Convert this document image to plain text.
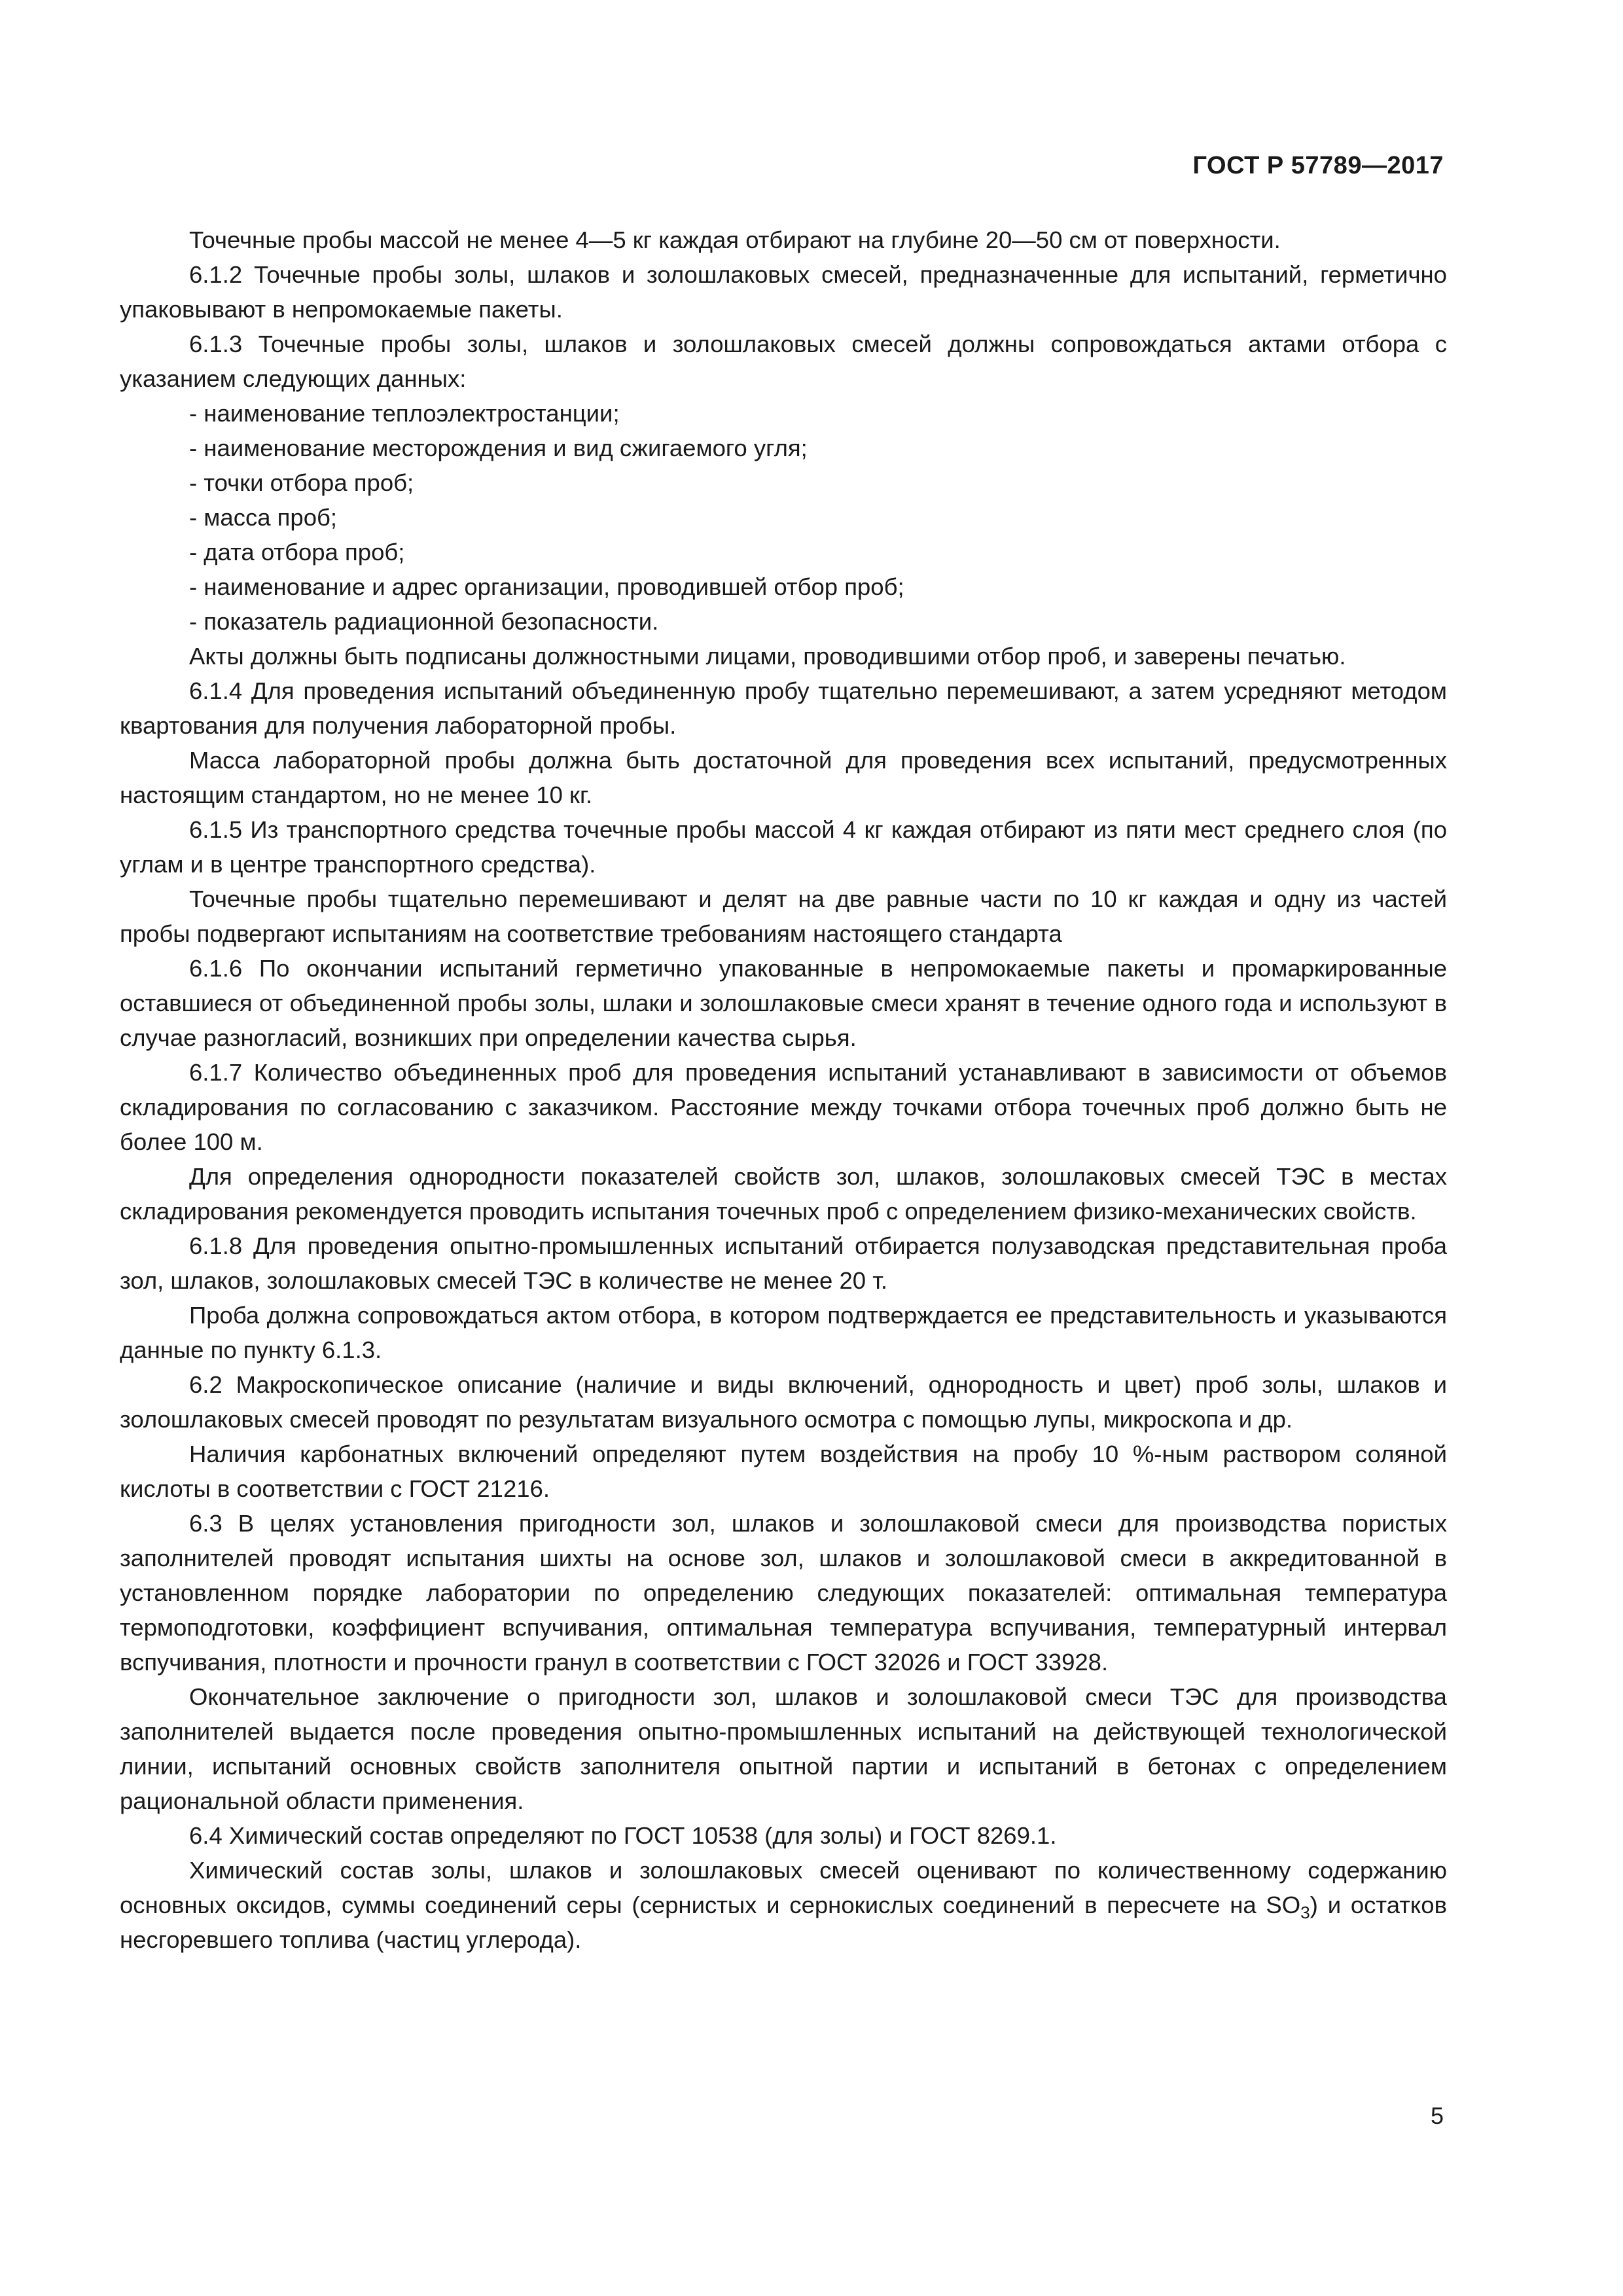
ГОСТ Р 57789—2017

Точечные пробы массой не менее 4—5 кг каждая отбирают на глубине 20—50 см от поверхности.

6.1.2 Точечные пробы золы, шлаков и золошлаковых смесей, предназначенные для испытаний, герметично упаковывают в непромокаемые пакеты.

6.1.3 Точечные пробы золы, шлаков и золошлаковых смесей должны сопровождаться актами отбора с указанием следующих данных:

- наименование теплоэлектростанции;

- наименование месторождения и вид сжигаемого угля;

- точки отбора проб;

- масса проб;

- дата отбора проб;

- наименование и адрес организации, проводившей отбор проб;

- показатель радиационной безопасности.

Акты должны быть подписаны должностными лицами, проводившими отбор проб, и заверены печатью.

6.1.4 Для проведения испытаний объединенную пробу тщательно перемешивают, а затем усредняют методом квартования для получения лабораторной пробы.

Масса лабораторной пробы должна быть достаточной для проведения всех испытаний, предусмотренных настоящим стандартом, но не менее 10 кг.

6.1.5 Из транспортного средства точечные пробы массой 4 кг каждая отбирают из пяти мест среднего слоя (по углам и в центре транспортного средства).

Точечные пробы тщательно перемешивают и делят на две равные части по 10 кг каждая и одну из частей пробы подвергают испытаниям на соответствие требованиям настоящего стандарта

6.1.6 По окончании испытаний герметично упакованные в непромокаемые пакеты и промаркированные оставшиеся от объединенной пробы золы, шлаки и золошлаковые смеси хранят в течение одного года и используют в случае разногласий, возникших при определении качества сырья.

6.1.7 Количество объединенных проб для проведения испытаний устанавливают в зависимости от объемов складирования по согласованию с заказчиком. Расстояние между точками отбора точечных проб должно быть не более 100 м.

Для определения однородности показателей свойств зол, шлаков, золошлаковых смесей ТЭС в местах складирования рекомендуется проводить испытания точечных проб с определением физико-механических свойств.

6.1.8 Для проведения опытно-промышленных испытаний отбирается полузаводская представительная проба зол, шлаков, золошлаковых смесей ТЭС в количестве не менее 20 т.

Проба должна сопровождаться актом отбора, в котором подтверждается ее представительность и указываются данные по пункту 6.1.3.

6.2 Макроскопическое описание (наличие и виды включений, однородность и цвет) проб золы, шлаков и золошлаковых смесей проводят по результатам визуального осмотра с помощью лупы, микроскопа и др.

Наличия карбонатных включений определяют путем воздействия на пробу 10 %-ным раствором соляной кислоты в соответствии с ГОСТ 21216.

6.3 В целях установления пригодности зол, шлаков и золошлаковой смеси для производства пористых заполнителей проводят испытания шихты на основе зол, шлаков и золошлаковой смеси в аккредитованной в установленном порядке лаборатории по определению следующих показателей: оптимальная температура термоподготовки, коэффициент вспучивания, оптимальная температура вспучивания, температурный интервал вспучивания, плотности и прочности гранул в соответствии с ГОСТ 32026 и ГОСТ 33928.

Окончательное заключение о пригодности зол, шлаков и золошлаковой смеси ТЭС для производства заполнителей выдается после проведения опытно-промышленных испытаний на действующей технологической линии, испытаний основных свойств заполнителя опытной партии и испытаний в бетонах с определением рациональной области применения.

6.4 Химический состав определяют по ГОСТ 10538 (для золы) и ГОСТ 8269.1.

Химический состав золы, шлаков и золошлаковых смесей оценивают по количественному содержанию основных оксидов, суммы соединений серы (сернистых и сернокислых соединений в пересчете на $SO_3$) и остатков несгоревшего топлива (частиц углерода).

5
